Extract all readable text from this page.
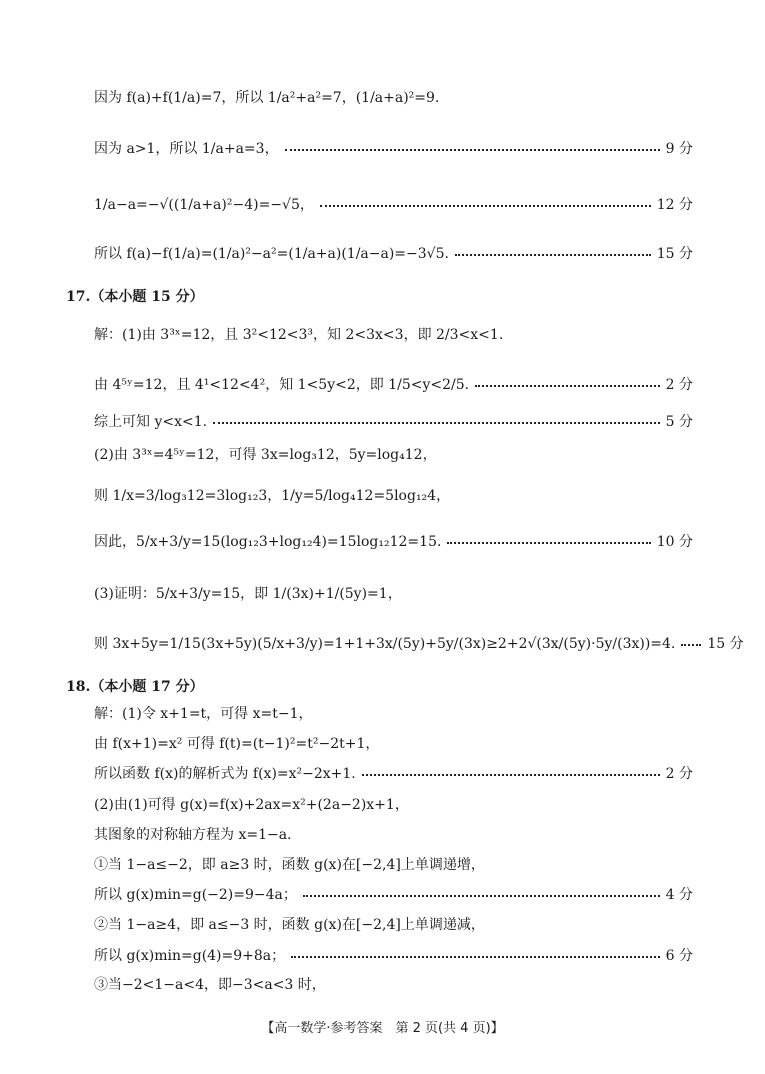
因为 f(a)+f(1/a)=7，所以 1/a²+a²=7，(1/a+a)²=9.
因为 a>1，所以 1/a+a=3，	9 分
1/a−a=−√((1/a+a)²−4)=−√5，	12 分
所以 f(a)−f(1/a)=(1/a)²−a²=(1/a+a)(1/a−a)=−3√5.	15 分
17.（本小题 15 分）
解：(1)由 3³ˣ=12，且 3²<12<3³，知 2<3x<3，即 2/3<x<1.
由 4⁵ʸ=12，且 4¹<12<4²，知 1<5y<2，即 1/5<y<2/5.	2 分
综上可知 y<x<1.	5 分
(2)由 3³ˣ=4⁵ʸ=12，可得 3x=log₃12，5y=log₄12，
则 1/x=3/log₃12=3log₁₂3，1/y=5/log₄12=5log₁₂4，
因此，5/x+3/y=15(log₁₂3+log₁₂4)=15log₁₂12=15.	10 分
(3)证明：5/x+3/y=15，即 1/(3x)+1/(5y)=1，
则 3x+5y=1/15(3x+5y)(5/x+3/y)=1+1+3x/(5y)+5y/(3x)≥2+2√(3x/(5y)·5y/(3x))=4. 15 分
18.（本小题 17 分）
解：(1)令 x+1=t，可得 x=t−1，
由 f(x+1)=x² 可得 f(t)=(t−1)²=t²−2t+1，
所以函数 f(x)的解析式为 f(x)=x²−2x+1.	2 分
(2)由(1)可得 g(x)=f(x)+2ax=x²+(2a−2)x+1，
其图象的对称轴方程为 x=1−a.
①当 1−a≤−2，即 a≥3 时，函数 g(x)在[−2,4]上单调递增，
所以 g(x)min=g(−2)=9−4a；	4 分
②当 1−a≥4，即 a≤−3 时，函数 g(x)在[−2,4]上单调递减，
所以 g(x)min=g(4)=9+8a；	6 分
③当−2<1−a<4，即−3<a<3 时，
【高一数学·参考答案　第 2 页(共 4 页)】
